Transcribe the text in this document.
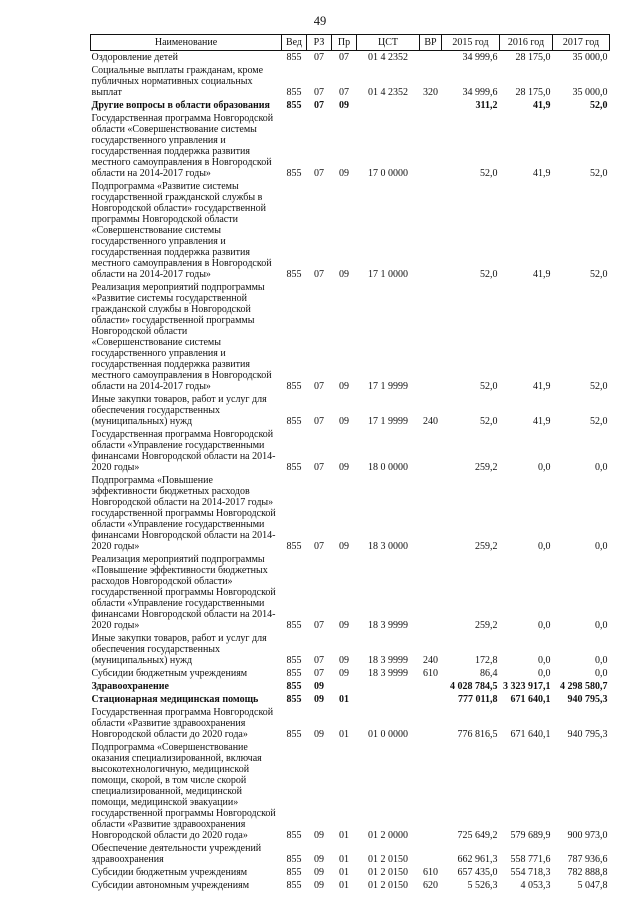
49
Наименование	Вед	РЗ	Пр	ЦСТ	ВР	2015 год	2016 год	2017 год
Оздоровление детей	855	07	07	01 4 2352		34 999,6	28 175,0	35 000,0
Социальные выплаты гражданам, кроме публичных нормативных социальных выплат	855	07	07	01 4 2352	320	34 999,6	28 175,0	35 000,0
Другие вопросы в области образования	855	07	09			311,2	41,9	52,0
Государственная программа Новгородской области «Совершенствование системы государственного управления и государственная поддержка развития местного самоуправления в Новгородской области на 2014-2017 годы»	855	07	09	17 0 0000		52,0	41,9	52,0
Подпрограмма «Развитие системы государственной гражданской службы в Новгородской области» государственной программы Новгородской области «Совершенствование системы государственного управления и государственная поддержка развития местного самоуправления в Новгородской области на 2014-2017 годы»	855	07	09	17 1 0000		52,0	41,9	52,0
Реализация мероприятий подпрограммы «Развитие системы государственной гражданской службы в Новгородской области» государственной программы Новгородской области «Совершенствование системы государственного управления и государственная поддержка развития местного самоуправления в Новгородской области на 2014-2017 годы»	855	07	09	17 1 9999		52,0	41,9	52,0
Иные закупки товаров, работ и услуг для обеспечения государственных (муниципальных) нужд	855	07	09	17 1 9999	240	52,0	41,9	52,0
Государственная программа Новгородской области «Управление государственными финансами Новгородской области на 2014-2020 годы»	855	07	09	18 0 0000		259,2	0,0	0,0
Подпрограмма «Повышение эффективности бюджетных расходов Новгородской области на 2014-2017 годы» государственной программы Новгородской области «Управление государственными финансами Новгородской области на 2014-2020 годы»	855	07	09	18 3 0000		259,2	0,0	0,0
Реализация мероприятий подпрограммы «Повышение эффективности бюджетных расходов Новгородской области» государственной программы Новгородской области «Управление государственными финансами Новгородской области на 2014-2020 годы»	855	07	09	18 3 9999		259,2	0,0	0,0
Иные закупки товаров, работ и услуг для обеспечения государственных (муниципальных) нужд	855	07	09	18 3 9999	240	172,8	0,0	0,0
Субсидии бюджетным учреждениям	855	07	09	18 3 9999	610	86,4	0,0	0,0
Здравоохранение	855	09				4 028 784,5	3 323 917,1	4 298 580,7
Стационарная медицинская помощь	855	09	01			777 011,8	671 640,1	940 795,3
Государственная программа Новгородской области «Развитие здравоохранения Новгородской области до 2020 года»	855	09	01	01 0 0000		776 816,5	671 640,1	940 795,3
Подпрограмма «Совершенствование оказания специализированной, включая высокотехнологичную, медицинской помощи, скорой, в том числе скорой специализированной, медицинской помощи, медицинской эвакуации» государственной программы Новгородской области «Развитие здравоохранения Новгородской области до 2020 года»	855	09	01	01 2 0000		725 649,2	579 689,9	900 973,0
Обеспечение деятельности учреждений здравоохранения	855	09	01	01 2 0150		662 961,3	558 771,6	787 936,6
Субсидии бюджетным учреждениям	855	09	01	01 2 0150	610	657 435,0	554 718,3	782 888,8
Субсидии автономным учреждениям	855	09	01	01 2 0150	620	5 526,3	4 053,3	5 047,8
